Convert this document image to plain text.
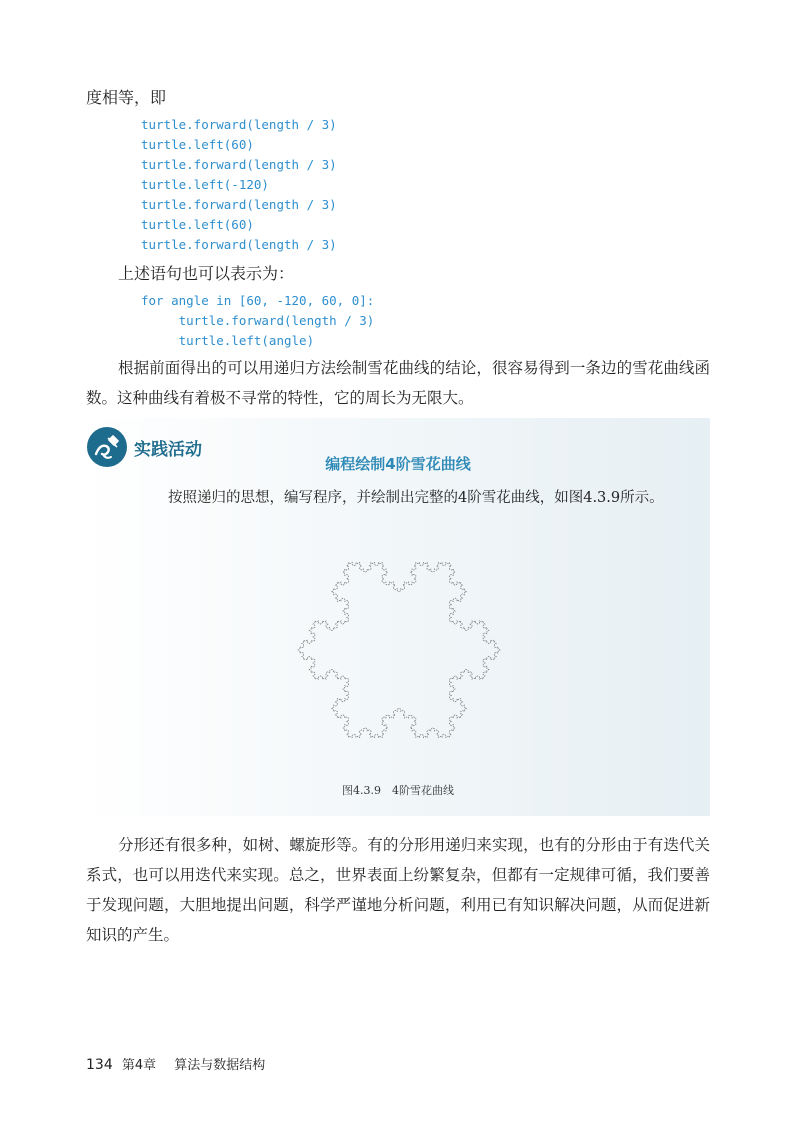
度相等，即
turtle.forward(length / 3)
turtle.left(60)
turtle.forward(length / 3)
turtle.left(-120)
turtle.forward(length / 3)
turtle.left(60)
turtle.forward(length / 3)
上述语句也可以表示为：
for angle in [60, -120, 60, 0]:
turtle.forward(length / 3)
turtle.left(angle)

根据前面得出的可以用递归方法绘制雪花曲线的结论，很容易得到一条边的雪花曲线函数。这种曲线有着极不寻常的特性，它的周长为无限大。

实践活动
编程绘制4阶雪花曲线

按照递归的思想，编写程序，并绘制出完整的4阶雪花曲线，如图4.3.9所示。

图4.3.9　4阶雪花曲线

分形还有很多种，如树、螺旋形等。有的分形用递归来实现，也有的分形由于有迭代关系式，也可以用迭代来实现。总之，世界表面上纷繁复杂，但都有一定规律可循，我们要善于发现问题，大胆地提出问题，科学严谨地分析问题，利用已有知识解决问题，从而促进新知识的产生。

134 第4章 算法与数据结构
